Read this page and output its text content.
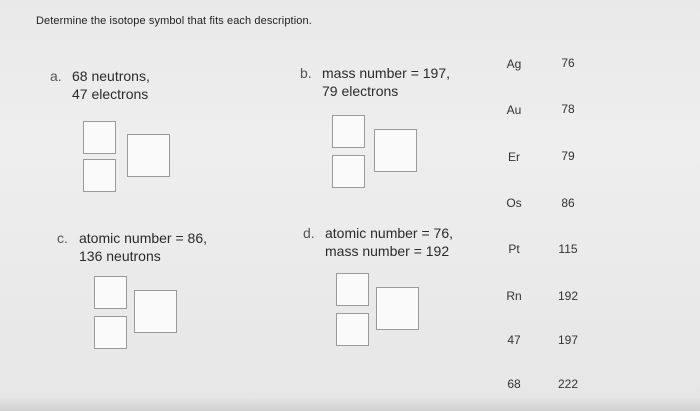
Determine the isotope symbol that fits each description.
a. 68 neutrons,
47 electrons
b. mass number = 197,
79 electrons
c. atomic number = 86,
136 neutrons
d. atomic number = 76,
mass number = 192
Ag
Au
Er
Os
Pt
Rn
47
68
76
78
79
86
115
192
197
222
